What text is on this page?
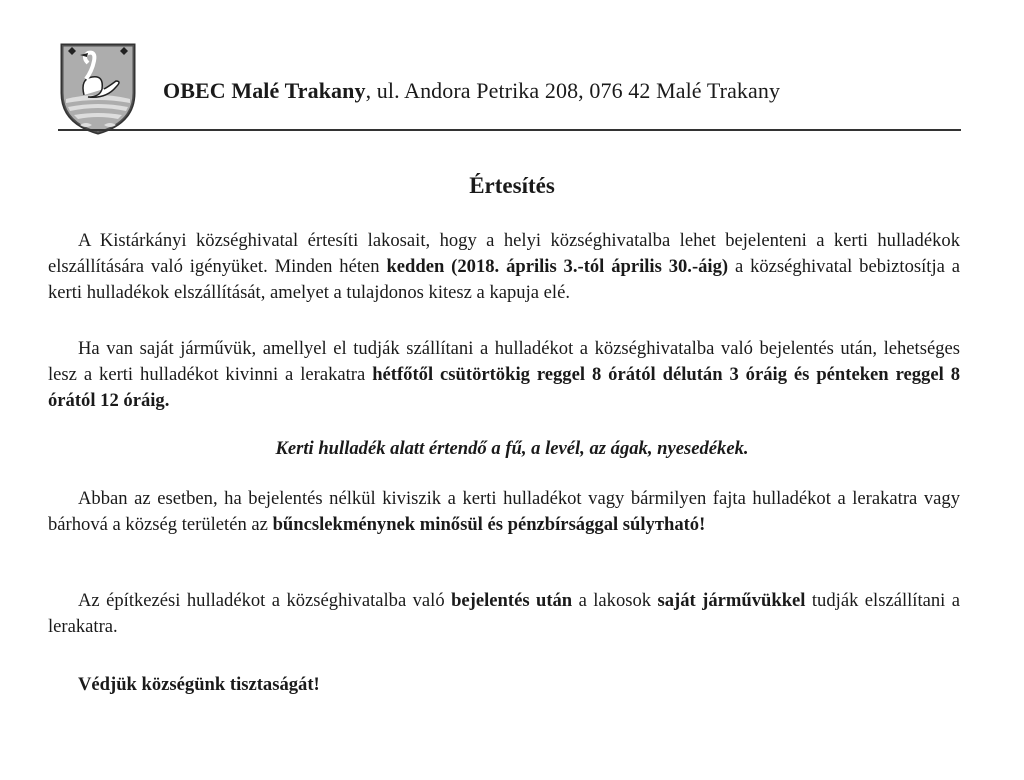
OBEC Malé Trakany, ul. Andora Petrika 208, 076 42 Malé Trakany
Értesítés
A Kistárkányi községhivatal értesíti lakosait, hogy a helyi községhivatalba lehet bejelenteni a kerti hulladékok elszállítására való igényüket. Minden héten kedden (2018. április 3.-tól április 30.-áig) a községhivatal bebiztosítja a kerti hulladékok elszállítását, amelyet a tulajdonos kitesz a kapuja elé.
Ha van saját járművük, amellyel el tudják szállítani a hulladékot a községhivatalba való bejelentés után, lehetséges lesz a kerti hulladékot kivinni a lerakatra hétfőtől csütörtökig reggel 8 órától délután 3 óráig és pénteken reggel 8 órától 12 óráig.
Kerti hulladék alatt értendő a fű, a levél, az ágak, nyesedékek.
Abban az esetben, ha bejelentés nélkül kiviszik a kerti hulladékot vagy bármilyen fajta hulladékot a lerakatra vagy bárhová a község területén az bűncslekménynek minősül és pénzbírsággal súlyтható!
Az építkezési hulladékot a községhivatalba való bejelentés után a lakosok saját járművükkel tudják elszállítani a lerakatra.
Védjük községünk tisztaságát!
